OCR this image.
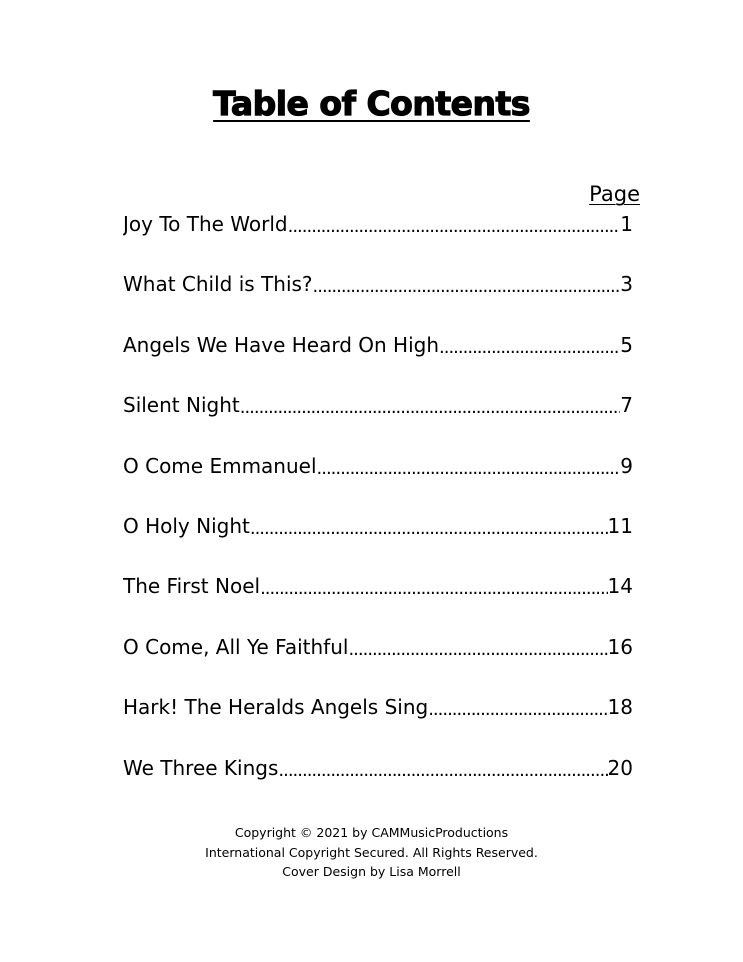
Table of Contents
Page
Joy To The World .....	1
What Child is This? .....	3
Angels We Have Heard On High .....	5
Silent Night .....	7
O Come Emmanuel .....	9
O Holy Night .....	11
The First Noel .....	14
O Come, All Ye Faithful .....	16
Hark! The Heralds Angels Sing .....	18
We Three Kings .....	20
Copyright © 2021 by CAMMusicProductions
International Copyright Secured. All Rights Reserved.
Cover Design by Lisa Morrell
